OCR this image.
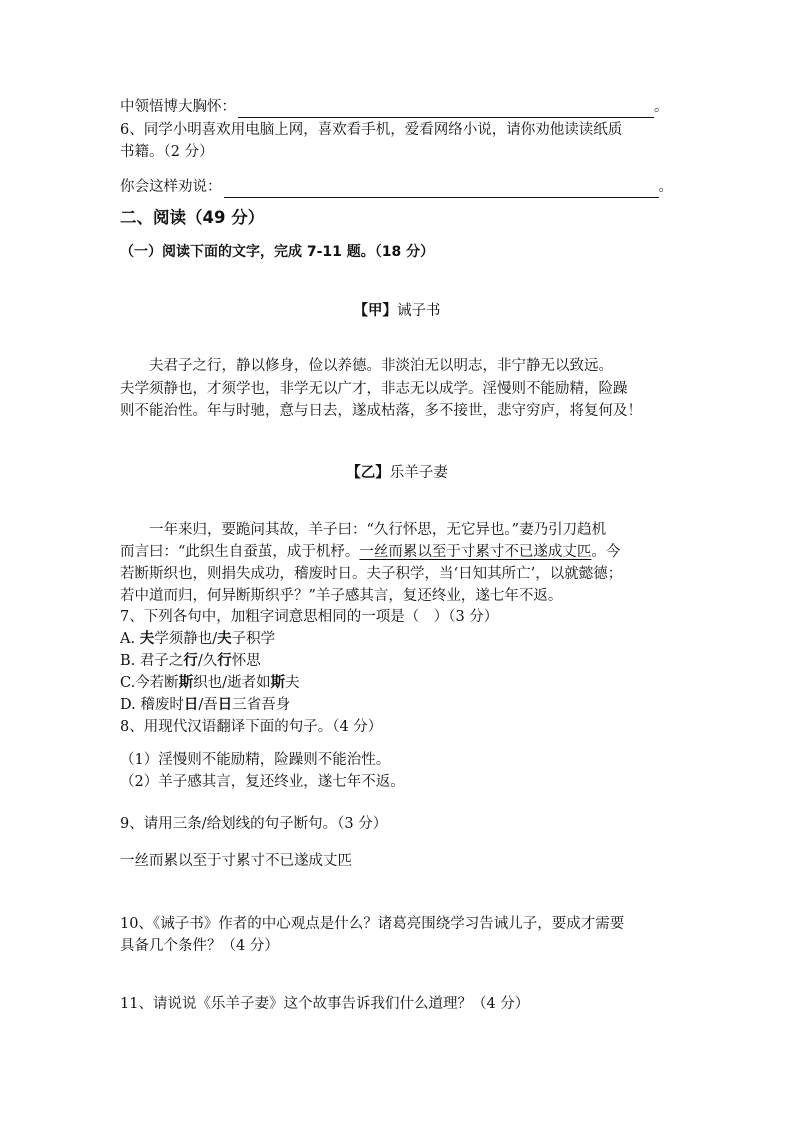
中领悟博大胸怀：	。
6、同学小明喜欢用电脑上网，喜欢看手机，爱看网络小说，请你劝他读读纸质
书籍。（2 分）
你会这样劝说：	。
二、阅读（49 分）
（一）阅读下面的文字，完成 7-11 题。（18 分）
【甲】诫子书
夫君子之行，静以修身，俭以养德。非淡泊无以明志，非宁静无以致远。
夫学须静也，才须学也，非学无以广才，非志无以成学。淫慢则不能励精，险躁
则不能治性。年与时驰，意与日去，遂成枯落，多不接世，悲守穷庐，将复何及！
【乙】乐羊子妻
一年来归，要跪问其故，羊子曰：“久行怀思，无它异也。”妻乃引刀趋机
而言曰：“此织生自蚕茧，成于机杼。一丝而累以至于寸累寸不已遂成丈匹。今
若断斯织也，则捐失成功，稽废时日。夫子积学，当‘日知其所亡’，以就懿德；
若中道而归，何异断斯织乎？”羊子感其言，复还终业，遂七年不返。
7、下列各句中，加粗字词意思相同的一项是（　）（3 分）
A. 夫学须静也/夫子积学
B. 君子之行/久行怀思
C.今若断斯织也/逝者如斯夫
D. 稽废时日/吾日三省吾身
8、用现代汉语翻译下面的句子。（4 分）
（1）淫慢则不能励精，险躁则不能治性。
（2）羊子感其言，复还终业，遂七年不返。
9、请用三条/给划线的句子断句。（3 分）
一丝而累以至于寸累寸不已遂成丈匹
10、《诫子书》作者的中心观点是什么？诸葛亮围绕学习告诫儿子，要成才需要
具备几个条件？（4 分）
11、请说说《乐羊子妻》这个故事告诉我们什么道理？（4 分）
